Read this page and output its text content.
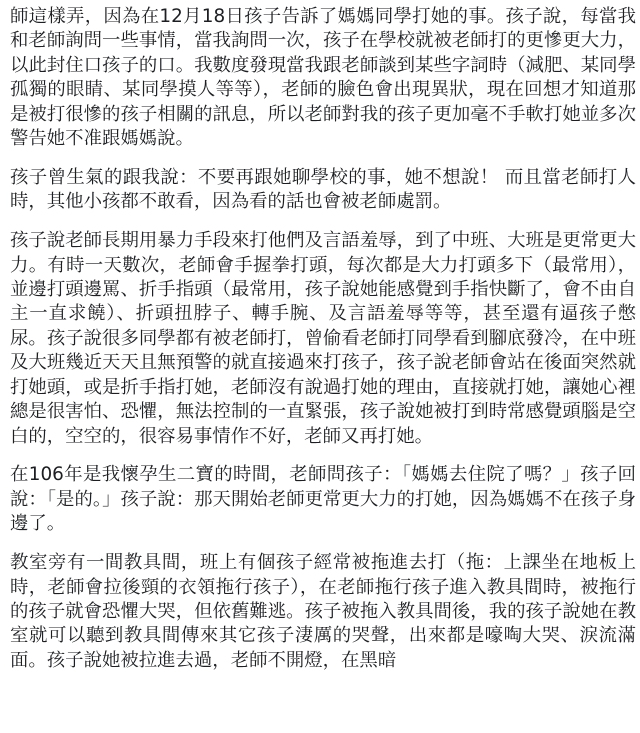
師這樣弄，因為在12月18日孩子告訴了媽媽同學打她的事。孩子說，每當我和老師詢問一些事情，當我詢問一次，孩子在學校就被老師打的更慘更大力，以此封住口孩子的口。我數度發現當我跟老師談到某些字詞時（減肥、某同學孤獨的眼睛、某同學摸人等等），老師的臉色會出現異狀，現在回想才知道那是被打很慘的孩子相關的訊息，所以老師對我的孩子更加毫不手軟打她並多次警告她不准跟媽媽說。

孩子曾生氣的跟我說：不要再跟她聊學校的事，她不想說！ 而且當老師打人時，其他小孩都不敢看，因為看的話也會被老師處罰。

孩子說老師長期用暴力手段來打他們及言語羞辱，到了中班、大班是更常更大力。有時一天數次，老師會手握拳打頭，每次都是大力打頭多下（最常用），並邊打頭邊罵、折手指頭（最常用，孩子說她能感覺到手指快斷了，會不由自主一直求饒）、折頭扭脖子、轉手腕、及言語羞辱等等，甚至還有逼孩子憋尿。孩子說很多同學都有被老師打，曾偷看老師打同學看到腳底發冷，在中班及大班幾近天天且無預警的就直接過來打孩子，孩子說老師會站在後面突然就打她頭，或是折手指打她，老師沒有說過打她的理由，直接就打她，讓她心裡總是很害怕、恐懼，無法控制的一直緊張，孩子說她被打到時常感覺頭腦是空白的，空空的，很容易事情作不好，老師又再打她。

在106年是我懷孕生二寶的時間，老師問孩子：「媽媽去住院了嗎？」孩子回說：「是的。」孩子說：那天開始老師更常更大力的打她，因為媽媽不在孩子身邊了。

教室旁有一間教具間，班上有個孩子經常被拖進去打（拖：上課坐在地板上時，老師會拉後頸的衣領拖行孩子），在老師拖行孩子進入教具間時，被拖行的孩子就會恐懼大哭，但依舊難逃。孩子被拖入教具間後，我的孩子說她在教室就可以聽到教具間傳來其它孩子淒厲的哭聲，出來都是嚎啕大哭、淚流滿面。孩子說她被拉進去過，老師不開燈，在黑暗
